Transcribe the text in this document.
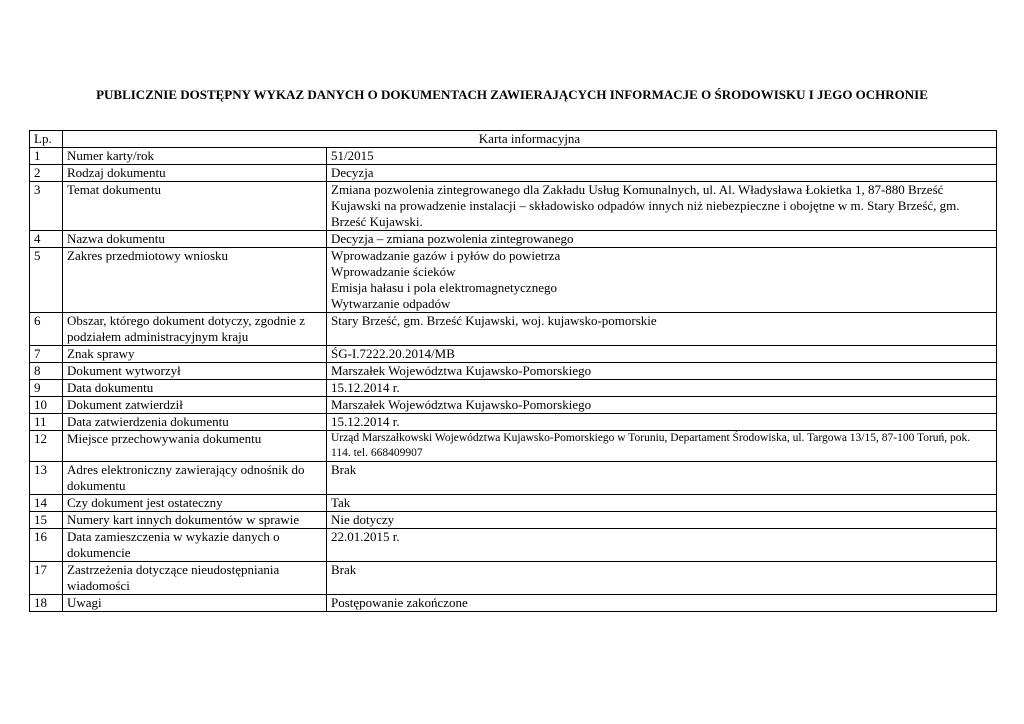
PUBLICZNIE DOSTĘPNY WYKAZ DANYCH O DOKUMENTACH ZAWIERAJĄCYCH INFORMACJE O ŚRODOWISKU I JEGO OCHRONIE
Lp.	Karta informacyjna	
1	Numer karty/rok	51/2015
2	Rodzaj dokumentu	Decyzja
3	Temat dokumentu	Zmiana pozwolenia zintegrowanego dla Zakładu Usług Komunalnych, ul. Al. Władysława Łokietka 1, 87-880 Brześć Kujawski na prowadzenie instalacji – składowisko odpadów innych niż niebezpieczne i obojętne w m. Stary Brześć, gm. Brześć Kujawski.
4	Nazwa dokumentu	Decyzja – zmiana pozwolenia zintegrowanego
5	Zakres przedmiotowy wniosku	Wprowadzanie gazów i pyłów do powietrza
Wprowadzanie ścieków
Emisja hałasu i pola elektromagnetycznego
Wytwarzanie odpadów

6	Obszar, którego dokument dotyczy, zgodnie z podziałem administracyjnym kraju	Stary Brześć, gm. Brześć Kujawski, woj. kujawsko-pomorskie
7	Znak sprawy	ŚG-I.7222.20.2014/MB
8	Dokument wytworzył	Marszałek Województwa Kujawsko-Pomorskiego
9	Data dokumentu	15.12.2014 r.
10	Dokument zatwierdził	Marszałek Województwa Kujawsko-Pomorskiego
11	Data zatwierdzenia dokumentu	15.12.2014 r.
12	Miejsce przechowywania dokumentu	Urząd Marszałkowski Województwa Kujawsko-Pomorskiego w Toruniu, Departament Środowiska, ul. Targowa 13/15, 87-100 Toruń, pok. 114. tel. 668409907
13	Adres elektroniczny zawierający odnośnik do dokumentu	Brak
14	Czy dokument jest ostateczny	Tak
15	Numery kart innych dokumentów w sprawie	Nie dotyczy
16	Data zamieszczenia w wykazie danych o dokumencie	22.01.2015 r.
17	Zastrzeżenia dotyczące nieudostępniania wiadomości	Brak
18	Uwagi	Postępowanie zakończone
